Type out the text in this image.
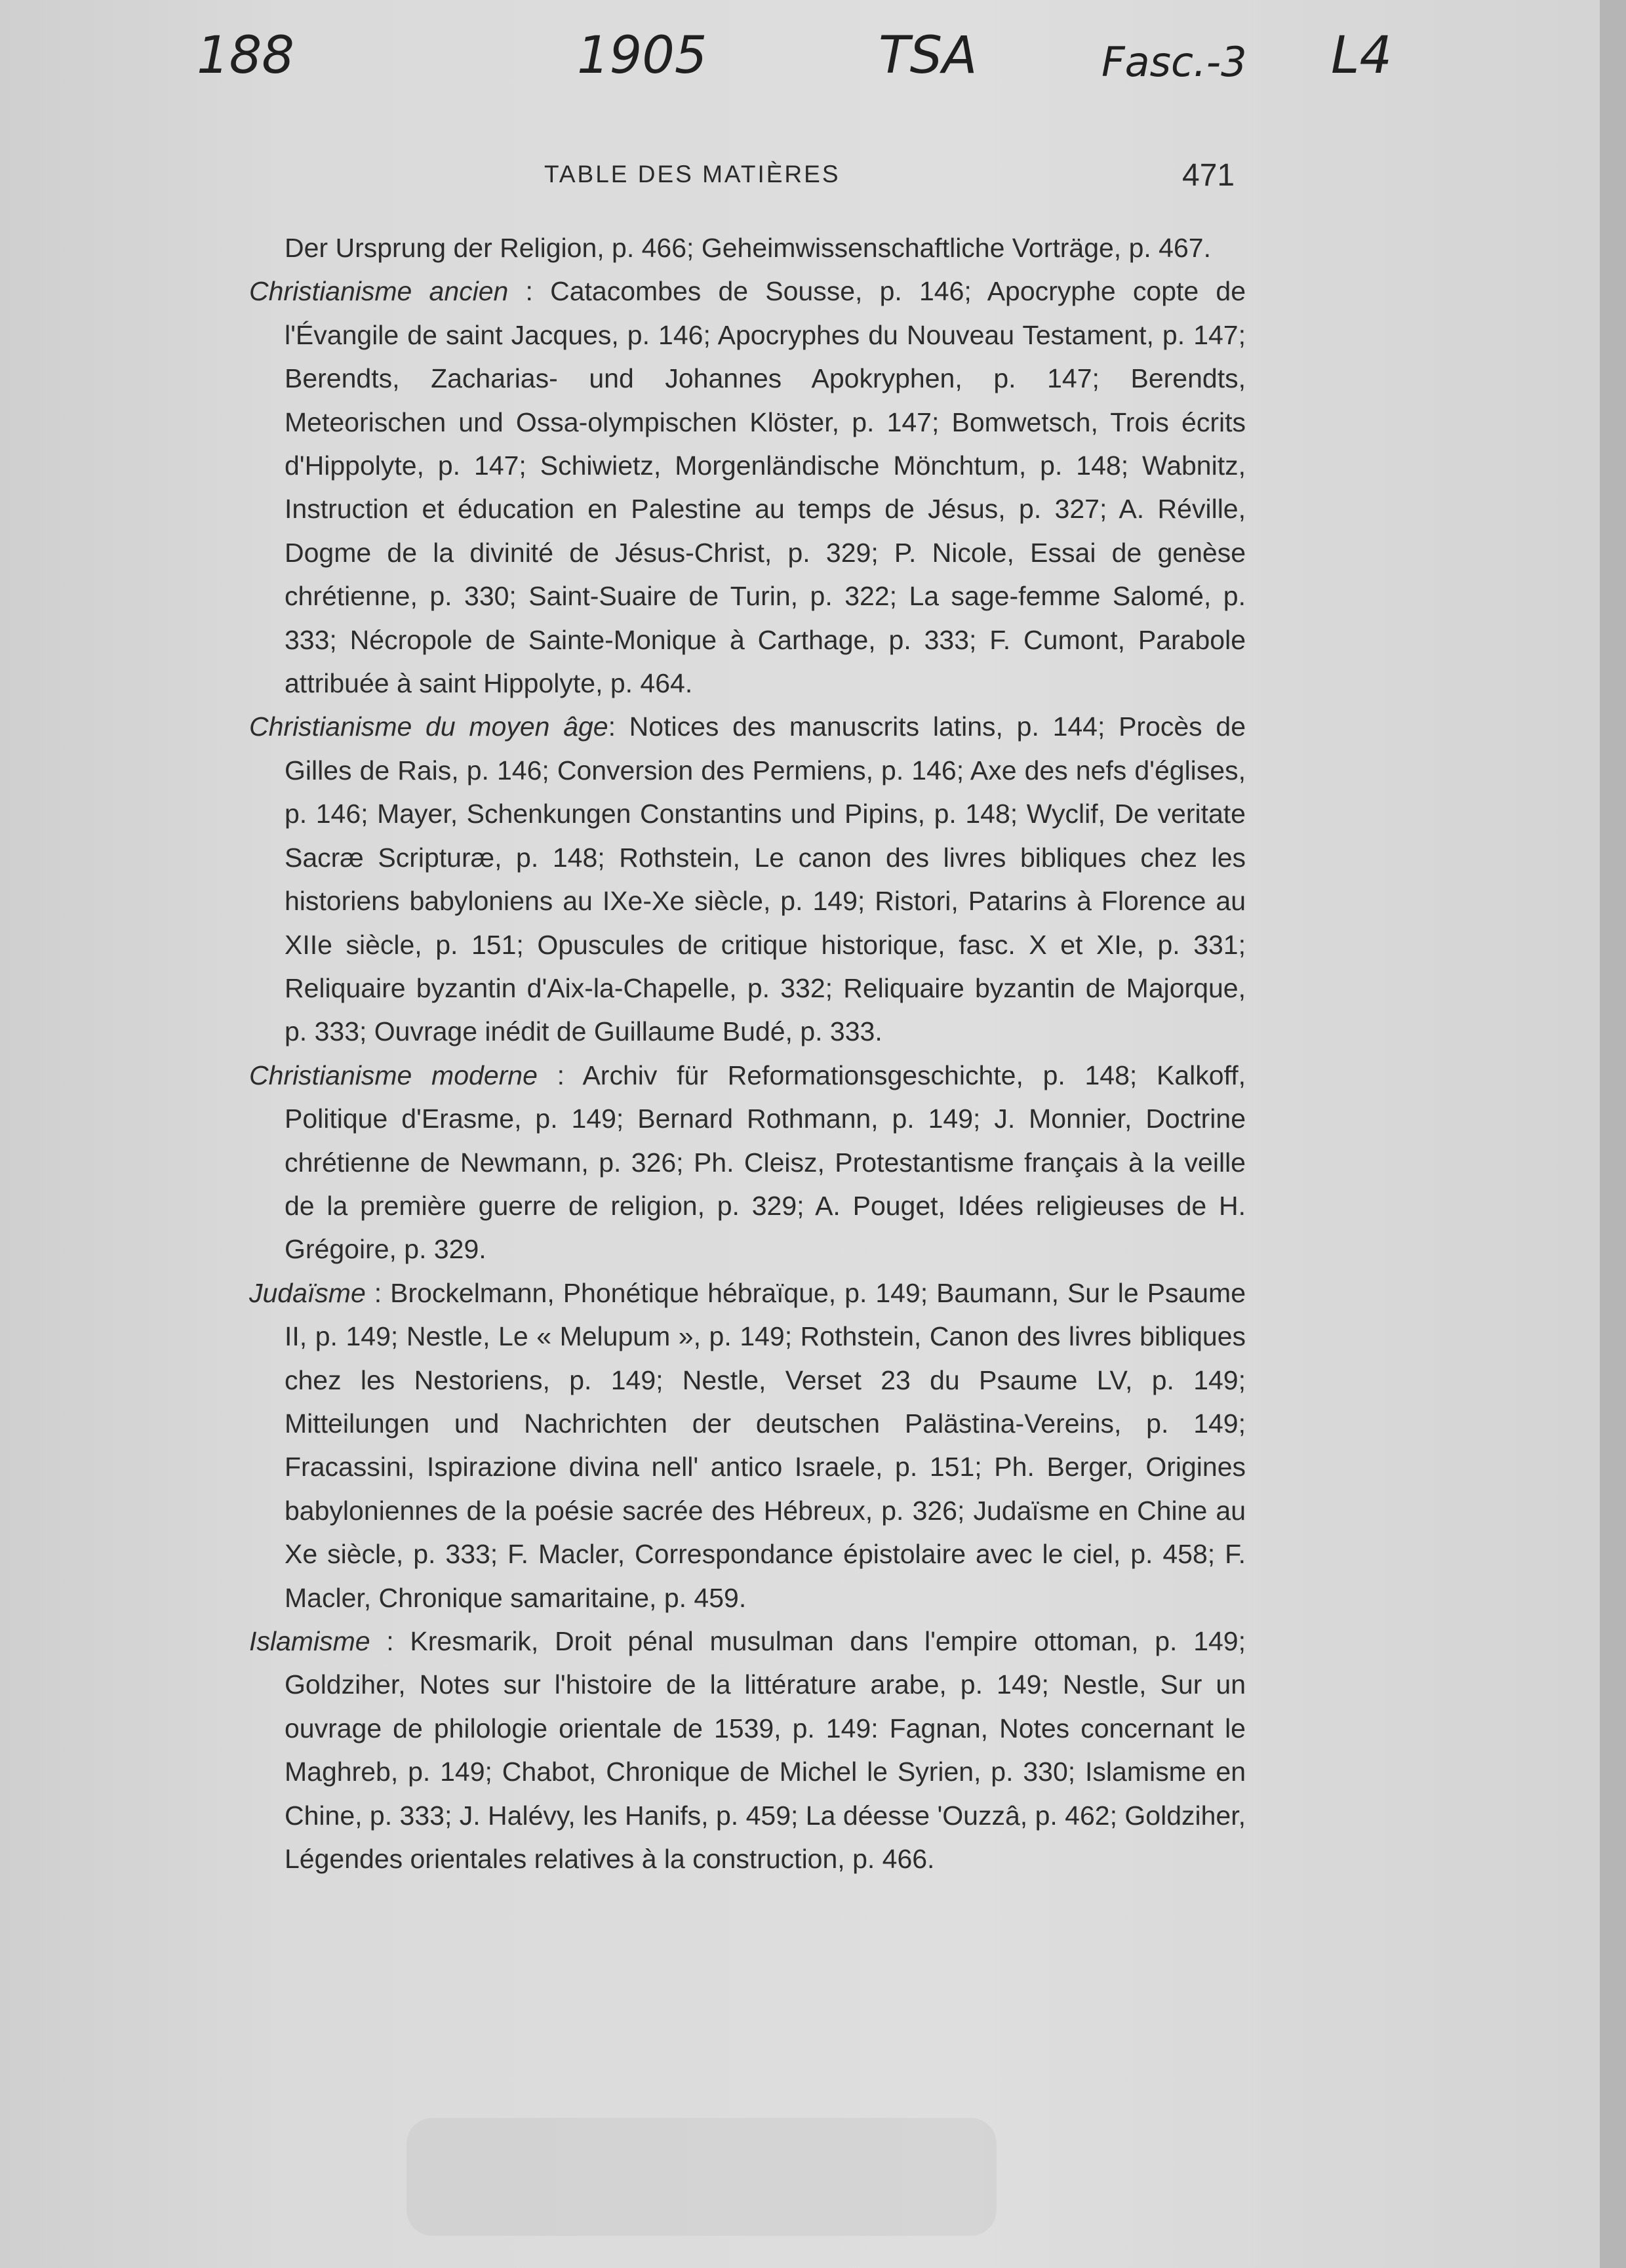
188	1905	TSA	Fasc.-3 L4
TABLE DES MATIÈRES	471

Der Ursprung der Religion, p. 466; Geheimwissenschaftliche Vorträge, p. 467.

Christianisme ancien : Catacombes de Sousse, p. 146; Apocryphe copte de l'Évangile de saint Jacques, p. 146; Apocryphes du Nouveau Testament, p. 147; Berendts, Zacharias- und Johannes Apokryphen, p. 147; Berendts, Meteorischen und Ossa-olympischen Klöster, p. 147; Bomwetsch, Trois écrits d'Hippolyte, p. 147; Schiwietz, Morgenländische Mönchtum, p. 148; Wabnitz, Instruction et éducation en Palestine au temps de Jésus, p. 327; A. Réville, Dogme de la divinité de Jésus-Christ, p. 329; P. Nicole, Essai de genèse chrétienne, p. 330; Saint-Suaire de Turin, p. 322; La sage-femme Salomé, p. 333; Nécropole de Sainte-Monique à Carthage, p. 333; F. Cumont, Parabole attribuée à saint Hippolyte, p. 464.

Christianisme du moyen âge: Notices des manuscrits latins, p. 144; Procès de Gilles de Rais, p. 146; Conversion des Permiens, p. 146; Axe des nefs d'églises, p. 146; Mayer, Schenkungen Constantins und Pipins, p. 148; Wyclif, De veritate Sacræ Scripturæ, p. 148; Rothstein, Le canon des livres bibliques chez les historiens babyloniens au IXe-Xe siècle, p. 149; Ristori, Patarins à Florence au XIIe siècle, p. 151; Opuscules de critique historique, fasc. X et XIe, p. 331; Reliquaire byzantin d'Aix-la-Chapelle, p. 332; Reliquaire byzantin de Majorque, p. 333; Ouvrage inédit de Guillaume Budé, p. 333.

Christianisme moderne : Archiv für Reformationsgeschichte, p. 148; Kalkoff, Politique d'Erasme, p. 149; Bernard Rothmann, p. 149; J. Monnier, Doctrine chrétienne de Newmann, p. 326; Ph. Cleisz, Protestantisme français à la veille de la première guerre de religion, p. 329; A. Pouget, Idées religieuses de H. Grégoire, p. 329.

Judaïsme : Brockelmann, Phonétique hébraïque, p. 149; Baumann, Sur le Psaume II, p. 149; Nestle, Le « Melupum », p. 149; Rothstein, Canon des livres bibliques chez les Nestoriens, p. 149; Nestle, Verset 23 du Psaume LV, p. 149; Mitteilungen und Nachrichten der deutschen Palästina-Vereins, p. 149; Fracassini, Ispirazione divina nell' antico Israele, p. 151; Ph. Berger, Origines babyloniennes de la poésie sacrée des Hébreux, p. 326; Judaïsme en Chine au Xe siècle, p. 333; F. Macler, Correspondance épistolaire avec le ciel, p. 458; F. Macler, Chronique samaritaine, p. 459.

Islamisme : Kresmarik, Droit pénal musulman dans l'empire ottoman, p. 149; Goldziher, Notes sur l'histoire de la littérature arabe, p. 149; Nestle, Sur un ouvrage de philologie orientale de 1539, p. 149: Fagnan, Notes concernant le Maghreb, p. 149; Chabot, Chronique de Michel le Syrien, p. 330; Islamisme en Chine, p. 333; J. Halévy, les Hanifs, p. 459; La déesse 'Ouzzâ, p. 462; Goldziher, Légendes orientales relatives à la construction, p. 466.
